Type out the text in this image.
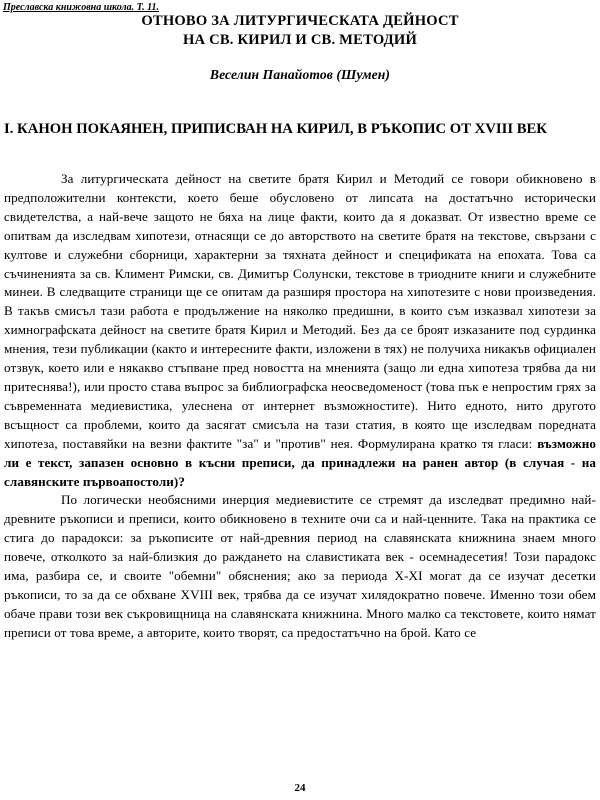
Преславска книжовна школа. Т. 11.
ОТНОВО ЗА ЛИТУРГИЧЕСКАТА ДЕЙНОСТ
НА СВ. КИРИЛ И СВ. МЕТОДИЙ
Веселин Панайотов (Шумен)
I. КАНОН ПОКАЯНЕН, ПРИПИСВАН НА КИРИЛ, В РЪКОПИС ОТ XVIII ВЕК

За литургическата дейност на светите братя Кирил и Методий се говори обикновено в предположителни контексти, което беше обусловено от липсата на достатъчно исторически свидетелства, а най-вече защото не бяха на лице факти, които да я доказват. От известно време се опитвам да изследвам хипотези, отнасящи се до авторството на светите братя на текстове, свързани с култове и служебни сборници, характерни за тяхната дейност и спецификата на епохата. Това са съчиненията за св. Климент Римски, св. Димитър Солунски, текстове в триодните книги и служебните минеи. В следващите страници ще се опитам да разширя простора на хипотезите с нови произведения. В такъв смисъл тази работа е продължение на няколко предишни, в които съм изказвал хипотези за химнографската дейност на светите братя Кирил и Методий. Без да се броят изказаните под сурдинка мнения, тези публикации (както и интересните факти, изложени в тях) не получиха никакъв официален отзвук, което или е някакво стъпване пред новостта на мненията (защо ли една хипотеза трябва да ни притеснява!), или просто става въпрос за библиографска неосведоменост (това пък е непростим грях за съвременната медиевистика, улеснена от интернет възможностите). Нито едното, нито другото всъщност са проблеми, които да засягат смисъла на тази статия, в която ще изследвам поредната хипотеза, поставяйки на везни фактите "за" и "против" нея. Формулирана кратко тя гласи: възможно ли е текст, запазен основно в късни преписи, да принадлежи на ранен автор (в случая - на славянските първоапостоли)?

По логически необясними инерция медиевистите се стремят да изследват предимно най-древните ръкописи и преписи, които обикновено в техните очи са и най-ценните. Така на практика се стига до парадокси: за ръкописите от най-древния период на славянската книжнина знаем много повече, отколкото за най-близкия до раждането на славистиката век - осемнадесетия! Този парадокс има, разбира се, и своите "обемни" обяснения; ако за периода X-XI могат да се изучат десетки ръкописи, то за да се обхване XVIII век, трябва да се изучат хилядократно повече. Именно този обем обаче прави този век съкровищница на славянската книжнина. Много малко са текстовете, които нямат преписи от това време, а авторите, които творят, са предостатъчно на брой. Като се

24
